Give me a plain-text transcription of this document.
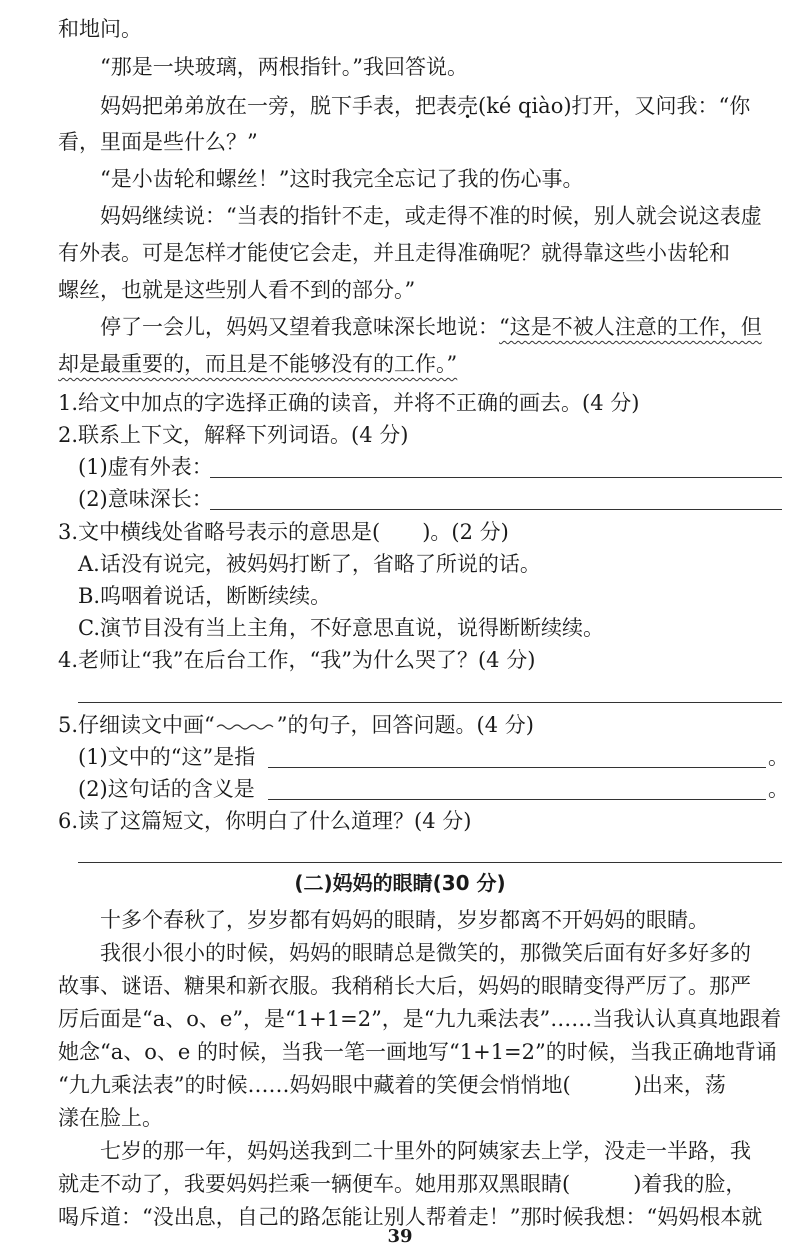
和地问。
“那是一块玻璃，两根指针。”我回答说。
妈妈把弟弟放在一旁，脱下手表，把表壳(ké qiào)打开，又问我：“你
看，里面是些什么？”
“是小齿轮和螺丝！”这时我完全忘记了我的伤心事。
妈妈继续说：“当表的指针不走，或走得不准的时候，别人就会说这表虚
有外表。可是怎样才能使它会走，并且走得准确呢？就得靠这些小齿轮和
螺丝，也就是这些别人看不到的部分。”
停了一会儿，妈妈又望着我意味深长地说：“这是不被人注意的工作，但
却是最重要的，而且是不能够没有的工作。”
1.给文中加点的字选择正确的读音，并将不正确的画去。(4 分)
2.联系上下文，解释下列词语。(4 分)
(1)虚有外表：
(2)意味深长：
3.文中横线处省略号表示的意思是(　　)。(2 分)
A.话没有说完，被妈妈打断了，省略了所说的话。
B.呜咽着说话，断断续续。
C.演节目没有当上主角，不好意思直说，说得断断续续。
4.老师让“我”在后台工作，“我”为什么哭了？(4 分)
5.仔细读文中画“	”的句子，回答问题。(4 分)
(1)文中的“这”是指	。
(2)这句话的含义是	。
6.读了这篇短文，你明白了什么道理？(4 分)
(二)妈妈的眼睛(30 分)
十多个春秋了，岁岁都有妈妈的眼睛，岁岁都离不开妈妈的眼睛。
我很小很小的时候，妈妈的眼睛总是微笑的，那微笑后面有好多好多的
故事、谜语、糖果和新衣服。我稍稍长大后，妈妈的眼睛变得严厉了。那严
厉后面是“a、o、e”，是“1+1=2”，是“九九乘法表”……当我认认真真地跟着
她念“a、o、e 的时候，当我一笔一画地写“1+1=2”的时候，当我正确地背诵
“九九乘法表”的时候……妈妈眼中藏着的笑便会悄悄地(　　　)出来，荡
漾在脸上。
七岁的那一年，妈妈送我到二十里外的阿姨家去上学，没走一半路，我
39
就走不动了，我要妈妈拦乘一辆便车。她用那双黑眼睛(　　　)着我的脸，
喝斥道：“没出息，自己的路怎能让别人帮着走！”那时候我想：“妈妈根本就
